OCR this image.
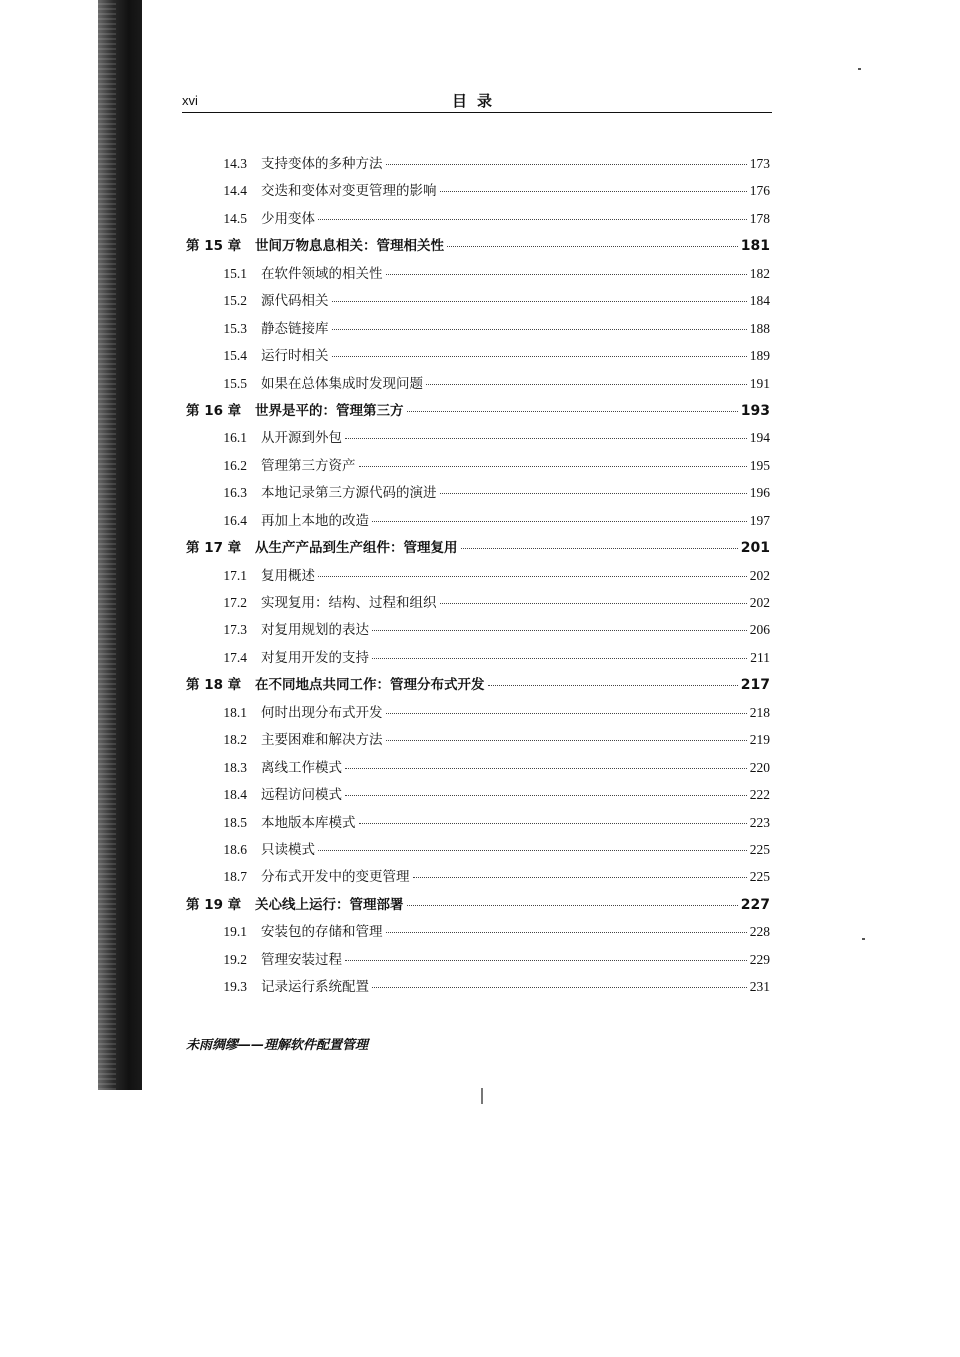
xvi	目录
14.3	支持变体的多种方法	173
14.4	交迭和变体对变更管理的影响	176
14.5	少用变体	178
第 15 章	世间万物息息相关：管理相关性	181
15.1	在软件领域的相关性	182
15.2	源代码相关	184
15.3	静态链接库	188
15.4	运行时相关	189
15.5	如果在总体集成时发现问题	191
第 16 章	世界是平的：管理第三方	193
16.1	从开源到外包	194
16.2	管理第三方资产	195
16.3	本地记录第三方源代码的演进	196
16.4	再加上本地的改造	197
第 17 章	从生产产品到生产组件：管理复用	201
17.1	复用概述	202
17.2	实现复用：结构、过程和组织	202
17.3	对复用规划的表达	206
17.4	对复用开发的支持	211
第 18 章	在不同地点共同工作：管理分布式开发	217
18.1	何时出现分布式开发	218
18.2	主要困难和解决方法	219
18.3	离线工作模式	220
18.4	远程访问模式	222
18.5	本地版本库模式	223
18.6	只读模式	225
18.7	分布式开发中的变更管理	225
第 19 章	关心线上运行：管理部署	227
19.1	安装包的存储和管理	228
19.2	管理安装过程	229
19.3	记录运行系统配置	231
未雨绸缪——理解软件配置管理
